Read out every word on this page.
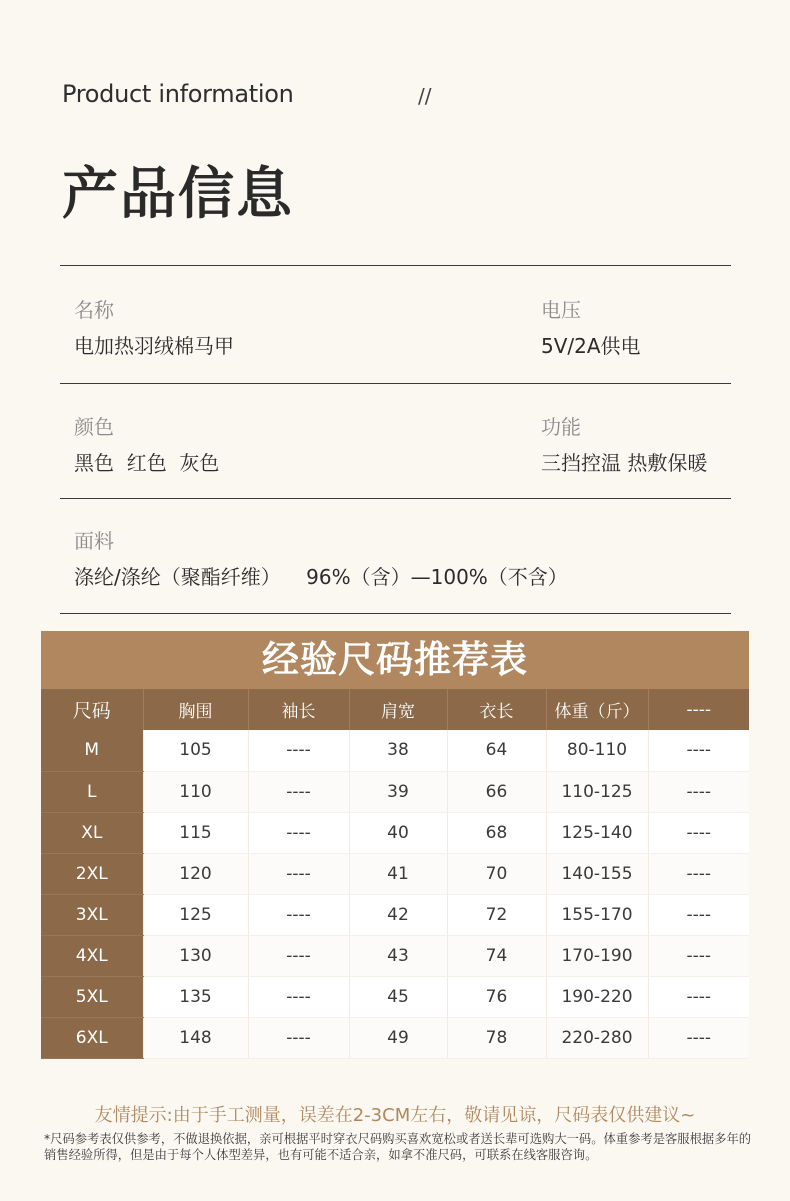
Product information	//
产品信息
名称
电加热羽绒棉马甲
电压
5V/2A供电
颜色
黑色  红色  灰色
功能
三挡控温 热敷保暖
面料
涤纶/涤纶（聚酯纤维）    96%（含）—100%（不含）
经验尺码推荐表
尺码	胸围	袖长	肩宽	衣长	体重（斤）	----
M	105	----	38	64	80-110	----
L	110	----	39	66	110-125	----
XL	115	----	40	68	125-140	----
2XL	120	----	41	70	140-155	----
3XL	125	----	42	72	155-170	----
4XL	130	----	43	74	170-190	----
5XL	135	----	45	76	190-220	----
6XL	148	----	49	78	220-280	----
友情提示:由于手工测量，误差在2-3CM左右，敬请见谅，尺码表仅供建议~
*尺码参考表仅供参考，不做退换依据，亲可根据平时穿衣尺码购买喜欢宽松或者送长辈可选购大一码。体重参考是客服根据多年的销售经验所得，但是由于每个人体型差异，也有可能不适合亲，如拿不准尺码，可联系在线客服咨询。
